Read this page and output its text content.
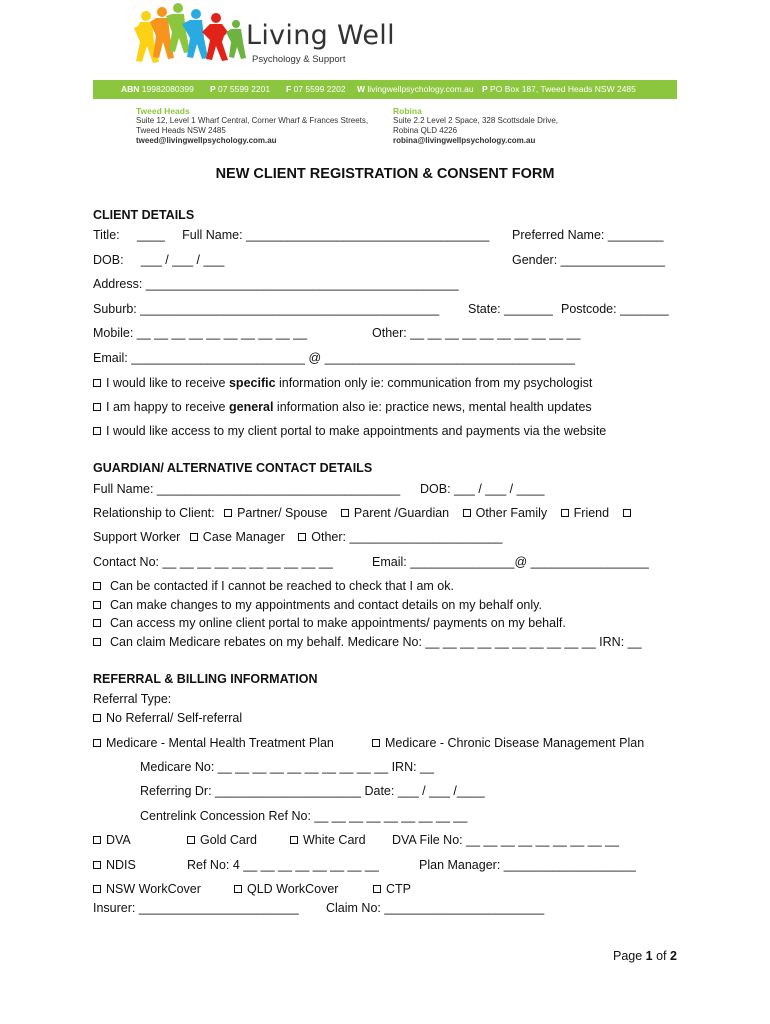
Living Well
Psychology & Support
ABN 19982080399 P 07 5599 2201 F 07 5599 2202 W livingwellpsychology.com.au P PO Box 187, Tweed Heads NSW 2485
Tweed Heads
Suite 12, Level 1 Wharf Central, Corner Wharf & Frances Streets,
Tweed Heads NSW 2485
tweed@livingwellpsychology.com.au
Robina
Suite 2.2 Level 2 Space, 328 Scottsdale Drive,
Robina QLD 4226
robina@livingwellpsychology.com.au
NEW CLIENT REGISTRATION & CONSENT FORM
CLIENT DETAILS
Title:     ____     Full Name: ___________________________________ Preferred Name: ________
DOB:     ___ / ___ / ___	Gender: _______________
Address: _____________________________________________
Suburb: ___________________________________________ State: _______ Postcode: _______
Mobile: __ __ __ __ __ __ __ __ __ __	Other: __ __ __ __ __ __ __ __ __ __
Email: _________________________ @ ____________________________________
I would like to receive specific information only ie: communication from my psychologist
I am happy to receive general information also ie: practice news, mental health updates
I would like access to my client portal to make appointments and payments via the website
GUARDIAN/ ALTERNATIVE CONTACT DETAILS
Full Name: ___________________________________ DOB: ___ / ___ / ____
Relationship to Client: Partner/ Spouse Parent /Guardian Other Family Friend
Support Worker Case Manager Other: ______________________
Contact No: __ __ __ __ __ __ __ __ __ __	Email: _______________@ _________________
Can be contacted if I cannot be reached to check that I am ok.
Can make changes to my appointments and contact details on my behalf only.
Can access my online client portal to make appointments/ payments on my behalf.
Can claim Medicare rebates on my behalf. Medicare No: __ __ __ __ __ __ __ __ __ __ IRN: __
REFERRAL & BILLING INFORMATION
Referral Type:
No Referral/ Self-referral
Medicare - Mental Health Treatment Plan	Medicare - Chronic Disease Management Plan
Medicare No: __ __ __ __ __ __ __ __ __ __ IRN: __
Referring Dr: _____________________ Date: ___ / ___ /____
Centrelink Concession Ref No: __ __ __ __ __ __ __ __ __
DVA	Gold Card	White Card DVA File No: __ __ __ __ __ __ __ __ __
NDIS	Ref No: 4 __ __ __ __ __ __ __ __	Plan Manager: ___________________
NSW WorkCover	QLD WorkCover	CTP
Insurer: _______________________ Claim No: _______________________
Page 1 of 2
